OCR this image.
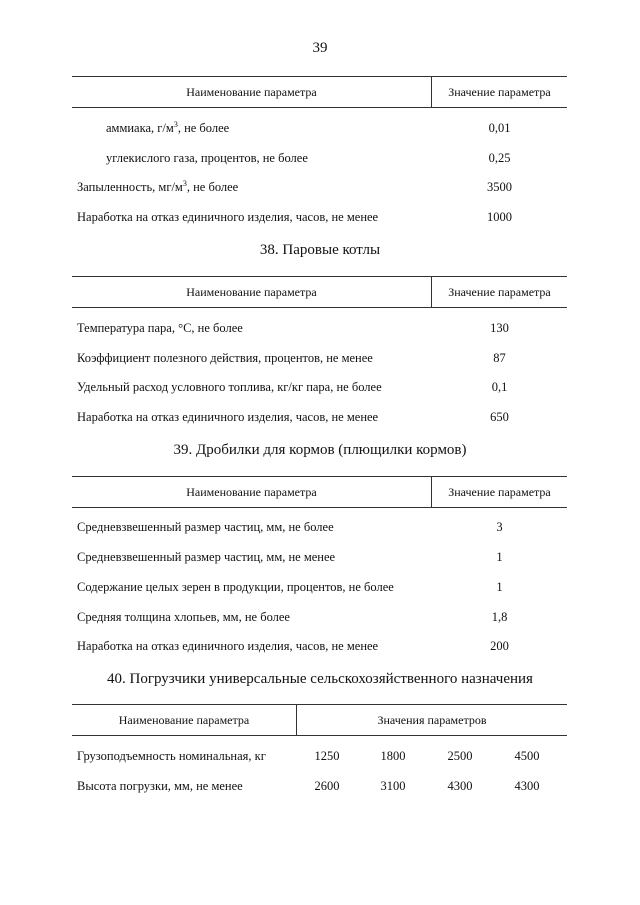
39
Наименование параметра	Значение параметра
аммиака, $г/м^3$, не более	0,01
углекислого газа, процентов, не более	0,25
Запыленность, $мг/м^3$, не более	3500
Наработка на отказ единичного изделия, часов, не менее	1000
38. Паровые котлы
Наименование параметра	Значение параметра
Температура пара, °С, не более	130
Коэффициент полезного действия, процентов, не менее	87
Удельный расход условного топлива, кг/кг пара, не более	0,1
Наработка на отказ единичного изделия, часов, не менее	650
39. Дробилки для кормов (плющилки кормов)
Наименование параметра	Значение параметра
Средневзвешенный размер частиц, мм, не более	3
Средневзвешенный размер частиц, мм, не менее	1
Содержание целых зерен в продукции, процентов, не более	1
Средняя толщина хлопьев, мм, не более	1,8
Наработка на отказ единичного изделия, часов, не менее	200
40. Погрузчики универсальные сельскохозяйственного назначения
Наименование параметра	Значения параметров
Грузоподъемность номинальная, кг	1250	1800	2500	4500
Высота погрузки, мм, не менее	2600	3100	4300	4300
